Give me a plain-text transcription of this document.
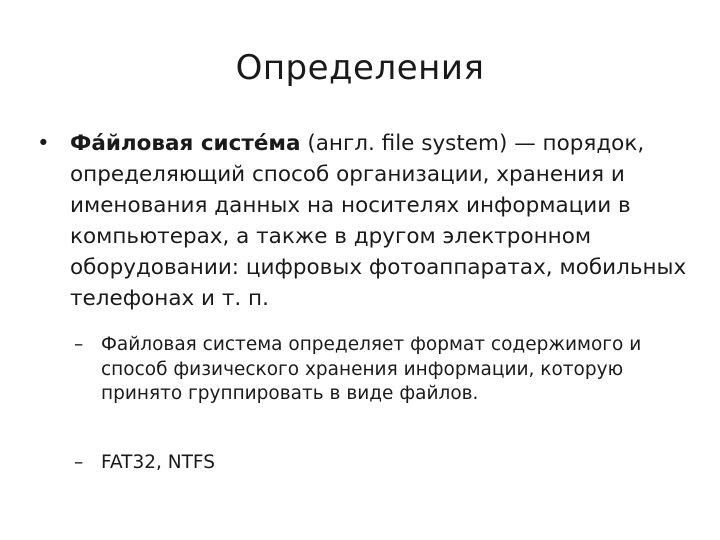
Определения
• Фа́йловая систе́ма (англ. file system) — порядок, определяющий способ организации, хранения и именования данных на носителях информации в компьютерах, а также в другом электронном оборудовании: цифровых фотоаппаратах, мобильных телефонах и т. п.
– Файловая система определяет формат содержимого и способ физического хранения информации, которую принято группировать в виде файлов.
– FAT32, NTFS
